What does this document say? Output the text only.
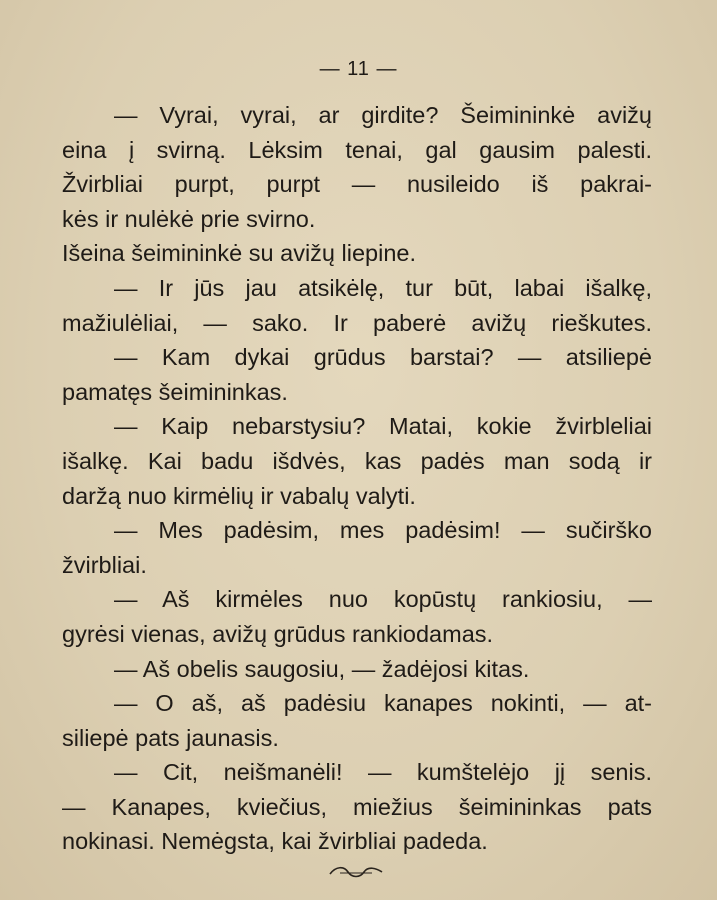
— 11 —
— Vyrai, vyrai, ar girdite? Šeimininkė avižų
eina į svirną. Lėksim tenai, gal gausim palesti.
Žvirbliai purpt, purpt — nusileido iš pakrai-
kės ir nulėkė prie svirno.
Išeina šeimininkė su avižų liepine.
— Ir jūs jau atsikėlę, tur būt, labai išalkę,
mažiulėliai, — sako. Ir paberė avižų rieškutes.
— Kam dykai grūdus barstai? — atsiliepė
pamatęs šeimininkas.
— Kaip nebarstysiu? Matai, kokie žvirbleliai
išalkę. Kai badu išdvės, kas padės man sodą ir
daržą nuo kirmėlių ir vabalų valyti.
— Mes padėsim, mes padėsim! — sučirško
žvirbliai.
— Aš kirmėles nuo kopūstų rankiosiu, —
gyrėsi vienas, avižų grūdus rankiodamas.
— Aš obelis saugosiu, — žadėjosi kitas.
— O aš, aš padėsiu kanapes nokinti, — at-
siliepė pats jaunasis.
— Cit, neišmanėli! — kumštelėjo jį senis.
— Kanapes, kviečius, miežius šeimininkas pats
nokinasi. Nemėgsta, kai žvirbliai padeda.
